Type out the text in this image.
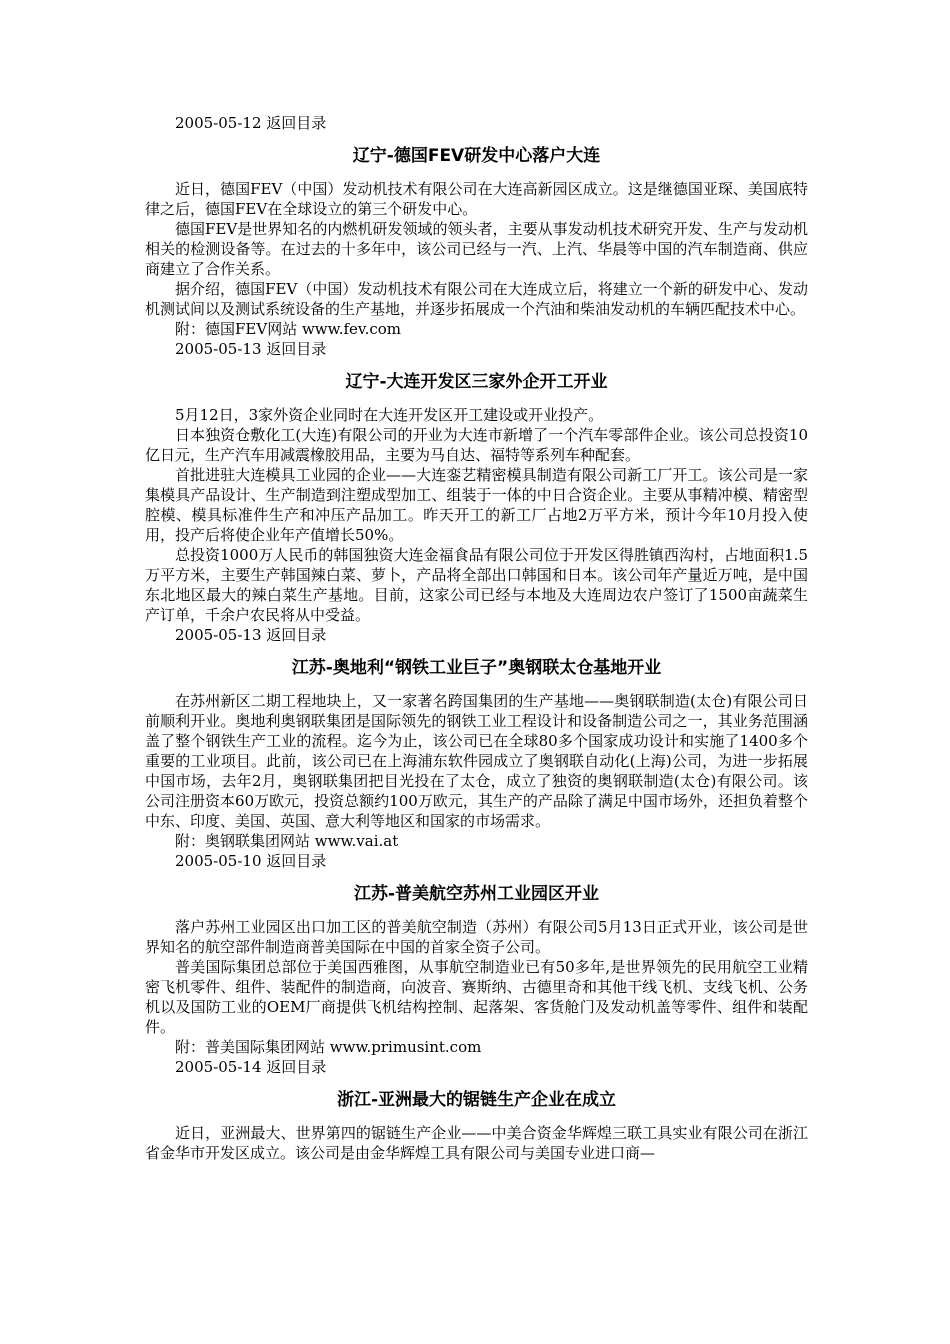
2005-05-12 返回目录
辽宁-德国FEV研发中心落户大连

近日，德国FEV（中国）发动机技术有限公司在大连高新园区成立。这是继德国亚琛、美国底特律之后，德国FEV在全球设立的第三个研发中心。

德国FEV是世界知名的内燃机研发领域的领头者，主要从事发动机技术研究开发、生产与发动机相关的检测设备等。在过去的十多年中，该公司已经与一汽、上汽、华晨等中国的汽车制造商、供应商建立了合作关系。

据介绍，德国FEV（中国）发动机技术有限公司在大连成立后，将建立一个新的研发中心、发动机测试间以及测试系统设备的生产基地，并逐步拓展成一个汽油和柴油发动机的车辆匹配技术中心。

附：德国FEV网站 www.fev.com

2005-05-13 返回目录
辽宁-大连开发区三家外企开工开业

5月12日，3家外资企业同时在大连开发区开工建设或开业投产。

日本独资仓敷化工(大连)有限公司的开业为大连市新增了一个汽车零部件企业。该公司总投资10亿日元，生产汽车用减震橡胶用品，主要为马自达、福特等系列车种配套。

首批进驻大连模具工业园的企业——大连銮艺精密模具制造有限公司新工厂开工。该公司是一家集模具产品设计、生产制造到注塑成型加工、组装于一体的中日合资企业。主要从事精冲模、精密型腔模、模具标准件生产和冲压产品加工。昨天开工的新工厂占地2万平方米，预计今年10月投入使用，投产后将使企业年产值增长50%。

总投资1000万人民币的韩国独资大连金福食品有限公司位于开发区得胜镇西沟村，占地面积1.5万平方米，主要生产韩国辣白菜、萝卜，产品将全部出口韩国和日本。该公司年产量近万吨，是中国东北地区最大的辣白菜生产基地。目前，这家公司已经与本地及大连周边农户签订了1500亩蔬菜生产订单，千余户农民将从中受益。

2005-05-13 返回目录
江苏-奥地利“钢铁工业巨子”奥钢联太仓基地开业

在苏州新区二期工程地块上，又一家著名跨国集团的生产基地——奥钢联制造(太仓)有限公司日前顺利开业。奥地利奥钢联集团是国际领先的钢铁工业工程设计和设备制造公司之一，其业务范围涵盖了整个钢铁生产工业的流程。迄今为止，该公司已在全球80多个国家成功设计和实施了1400多个重要的工业项目。此前，该公司已在上海浦东软件园成立了奥钢联自动化(上海)公司，为进一步拓展中国市场，去年2月，奥钢联集团把目光投在了太仓，成立了独资的奥钢联制造(太仓)有限公司。该公司注册资本60万欧元，投资总额约100万欧元，其生产的产品除了满足中国市场外，还担负着整个中东、印度、美国、英国、意大利等地区和国家的市场需求。

附：奥钢联集团网站 www.vai.at

2005-05-10 返回目录
江苏-普美航空苏州工业园区开业

落户苏州工业园区出口加工区的普美航空制造（苏州）有限公司5月13日正式开业，该公司是世界知名的航空部件制造商普美国际在中国的首家全资子公司。

普美国际集团总部位于美国西雅图，从事航空制造业已有50多年,是世界领先的民用航空工业精密飞机零件、组件、装配件的制造商，向波音、赛斯纳、古德里奇和其他干线飞机、支线飞机、公务机以及国防工业的OEM厂商提供飞机结构控制、起落架、客货舱门及发动机盖等零件、组件和装配件。

附：普美国际集团网站 www.primusint.com

2005-05-14 返回目录
浙江-亚洲最大的锯链生产企业在成立

近日，亚洲最大、世界第四的锯链生产企业——中美合资金华辉煌三联工具实业有限公司在浙江省金华市开发区成立。该公司是由金华辉煌工具有限公司与美国专业进口商—
